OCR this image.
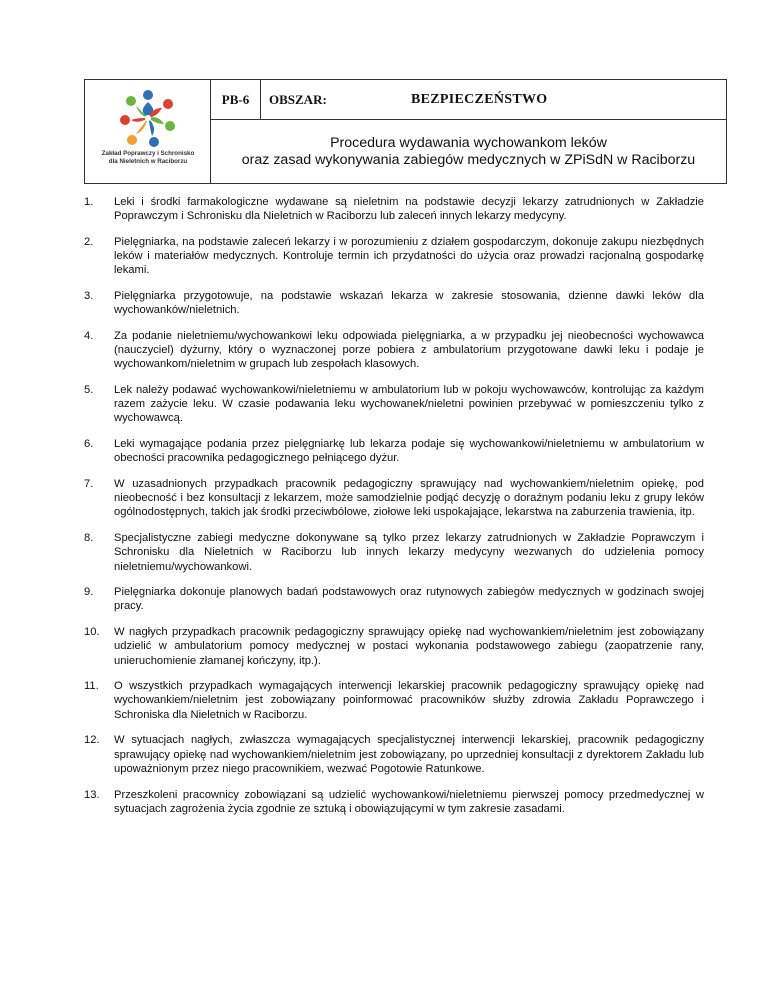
Zakład Poprawczy i Schronisko
dla Nieletnich w Raciborzu
PB-6	OBSZAR:	BEZPIECZEŃSTWO
Procedura wydawania wychowankom leków
oraz zasad wykonywania zabiegów medycznych w ZPiSdN w Raciborzu
1. Leki i środki farmakologiczne wydawane są nieletnim na podstawie decyzji lekarzy zatrudnionych w Zakładzie Poprawczym i Schronisku dla Nieletnich w Raciborzu lub zaleceń innych lekarzy medycyny.
2. Pielęgniarka, na podstawie zaleceń lekarzy i w porozumieniu z działem gospodarczym, dokonuje zakupu niezbędnych leków i materiałów medycznych. Kontroluje termin ich przydatności do użycia oraz prowadzi racjonalną gospodarkę lekami.
3. Pielęgniarka przygotowuje, na podstawie wskazań lekarza w zakresie stosowania, dzienne dawki leków dla wychowanków/nieletnich.
4. Za podanie nieletniemu/wychowankowi leku odpowiada pielęgniarka, a w przypadku jej nieobecności wychowawca (nauczyciel) dyżurny, który o wyznaczonej porze pobiera z ambulatorium przygotowane dawki leku i podaje je wychowankom/nieletnim w grupach lub zespołach klasowych.
5. Lek należy podawać wychowankowi/nieletniemu w ambulatorium lub w pokoju wychowawców, kontrolując za każdym razem zażycie leku. W czasie podawania leku wychowanek/nieletni powinien przebywać w pomieszczeniu tylko z wychowawcą.
6. Leki wymagające podania przez pielęgniarkę lub lekarza podaje się wychowankowi/nieletniemu w ambulatorium w obecności pracownika pedagogicznego pełniącego dyżur.
7. W uzasadnionych przypadkach pracownik pedagogiczny sprawujący nad wychowankiem/nieletnim opiekę, pod nieobecność i bez konsultacji z lekarzem, może samodzielnie podjąć decyzję o doraźnym podaniu leku z grupy leków ogólnodostępnych, takich jak środki przeciwbólowe, ziołowe leki uspokajające, lekarstwa na zaburzenia trawienia, itp.
8. Specjalistyczne zabiegi medyczne dokonywane są tylko przez lekarzy zatrudnionych w Zakładzie Poprawczym i Schronisku dla Nieletnich w Raciborzu lub innych lekarzy medycyny wezwanych do udzielenia pomocy nieletniemu/wychowankowi.
9. Pielęgniarka dokonuje planowych badań podstawowych oraz rutynowych zabiegów medycznych w godzinach swojej pracy.
10. W nagłych przypadkach pracownik pedagogiczny sprawujący opiekę nad wychowankiem/nieletnim jest zobowiązany udzielić w ambulatorium pomocy medycznej w postaci wykonania podstawowego zabiegu (zaopatrzenie rany, unieruchomienie złamanej kończyny, itp.).
11. O wszystkich przypadkach wymagających interwencji lekarskiej pracownik pedagogiczny sprawujący opiekę nad wychowankiem/nieletnim jest zobowiązany poinformować pracowników służby zdrowia Zakładu Poprawczego i Schroniska dla Nieletnich w Raciborzu.
12. W sytuacjach nagłych, zwłaszcza wymagających specjalistycznej interwencji lekarskiej, pracownik pedagogiczny sprawujący opiekę nad wychowankiem/nieletnim jest zobowiązany, po uprzedniej konsultacji z dyrektorem Zakładu lub upoważnionym przez niego pracownikiem, wezwać Pogotowie Ratunkowe.
13. Przeszkoleni pracownicy zobowiązani są udzielić wychowankowi/nieletniemu pierwszej pomocy przedmedycznej w sytuacjach zagrożenia życia zgodnie ze sztuką i obowiązującymi w tym zakresie zasadami.
